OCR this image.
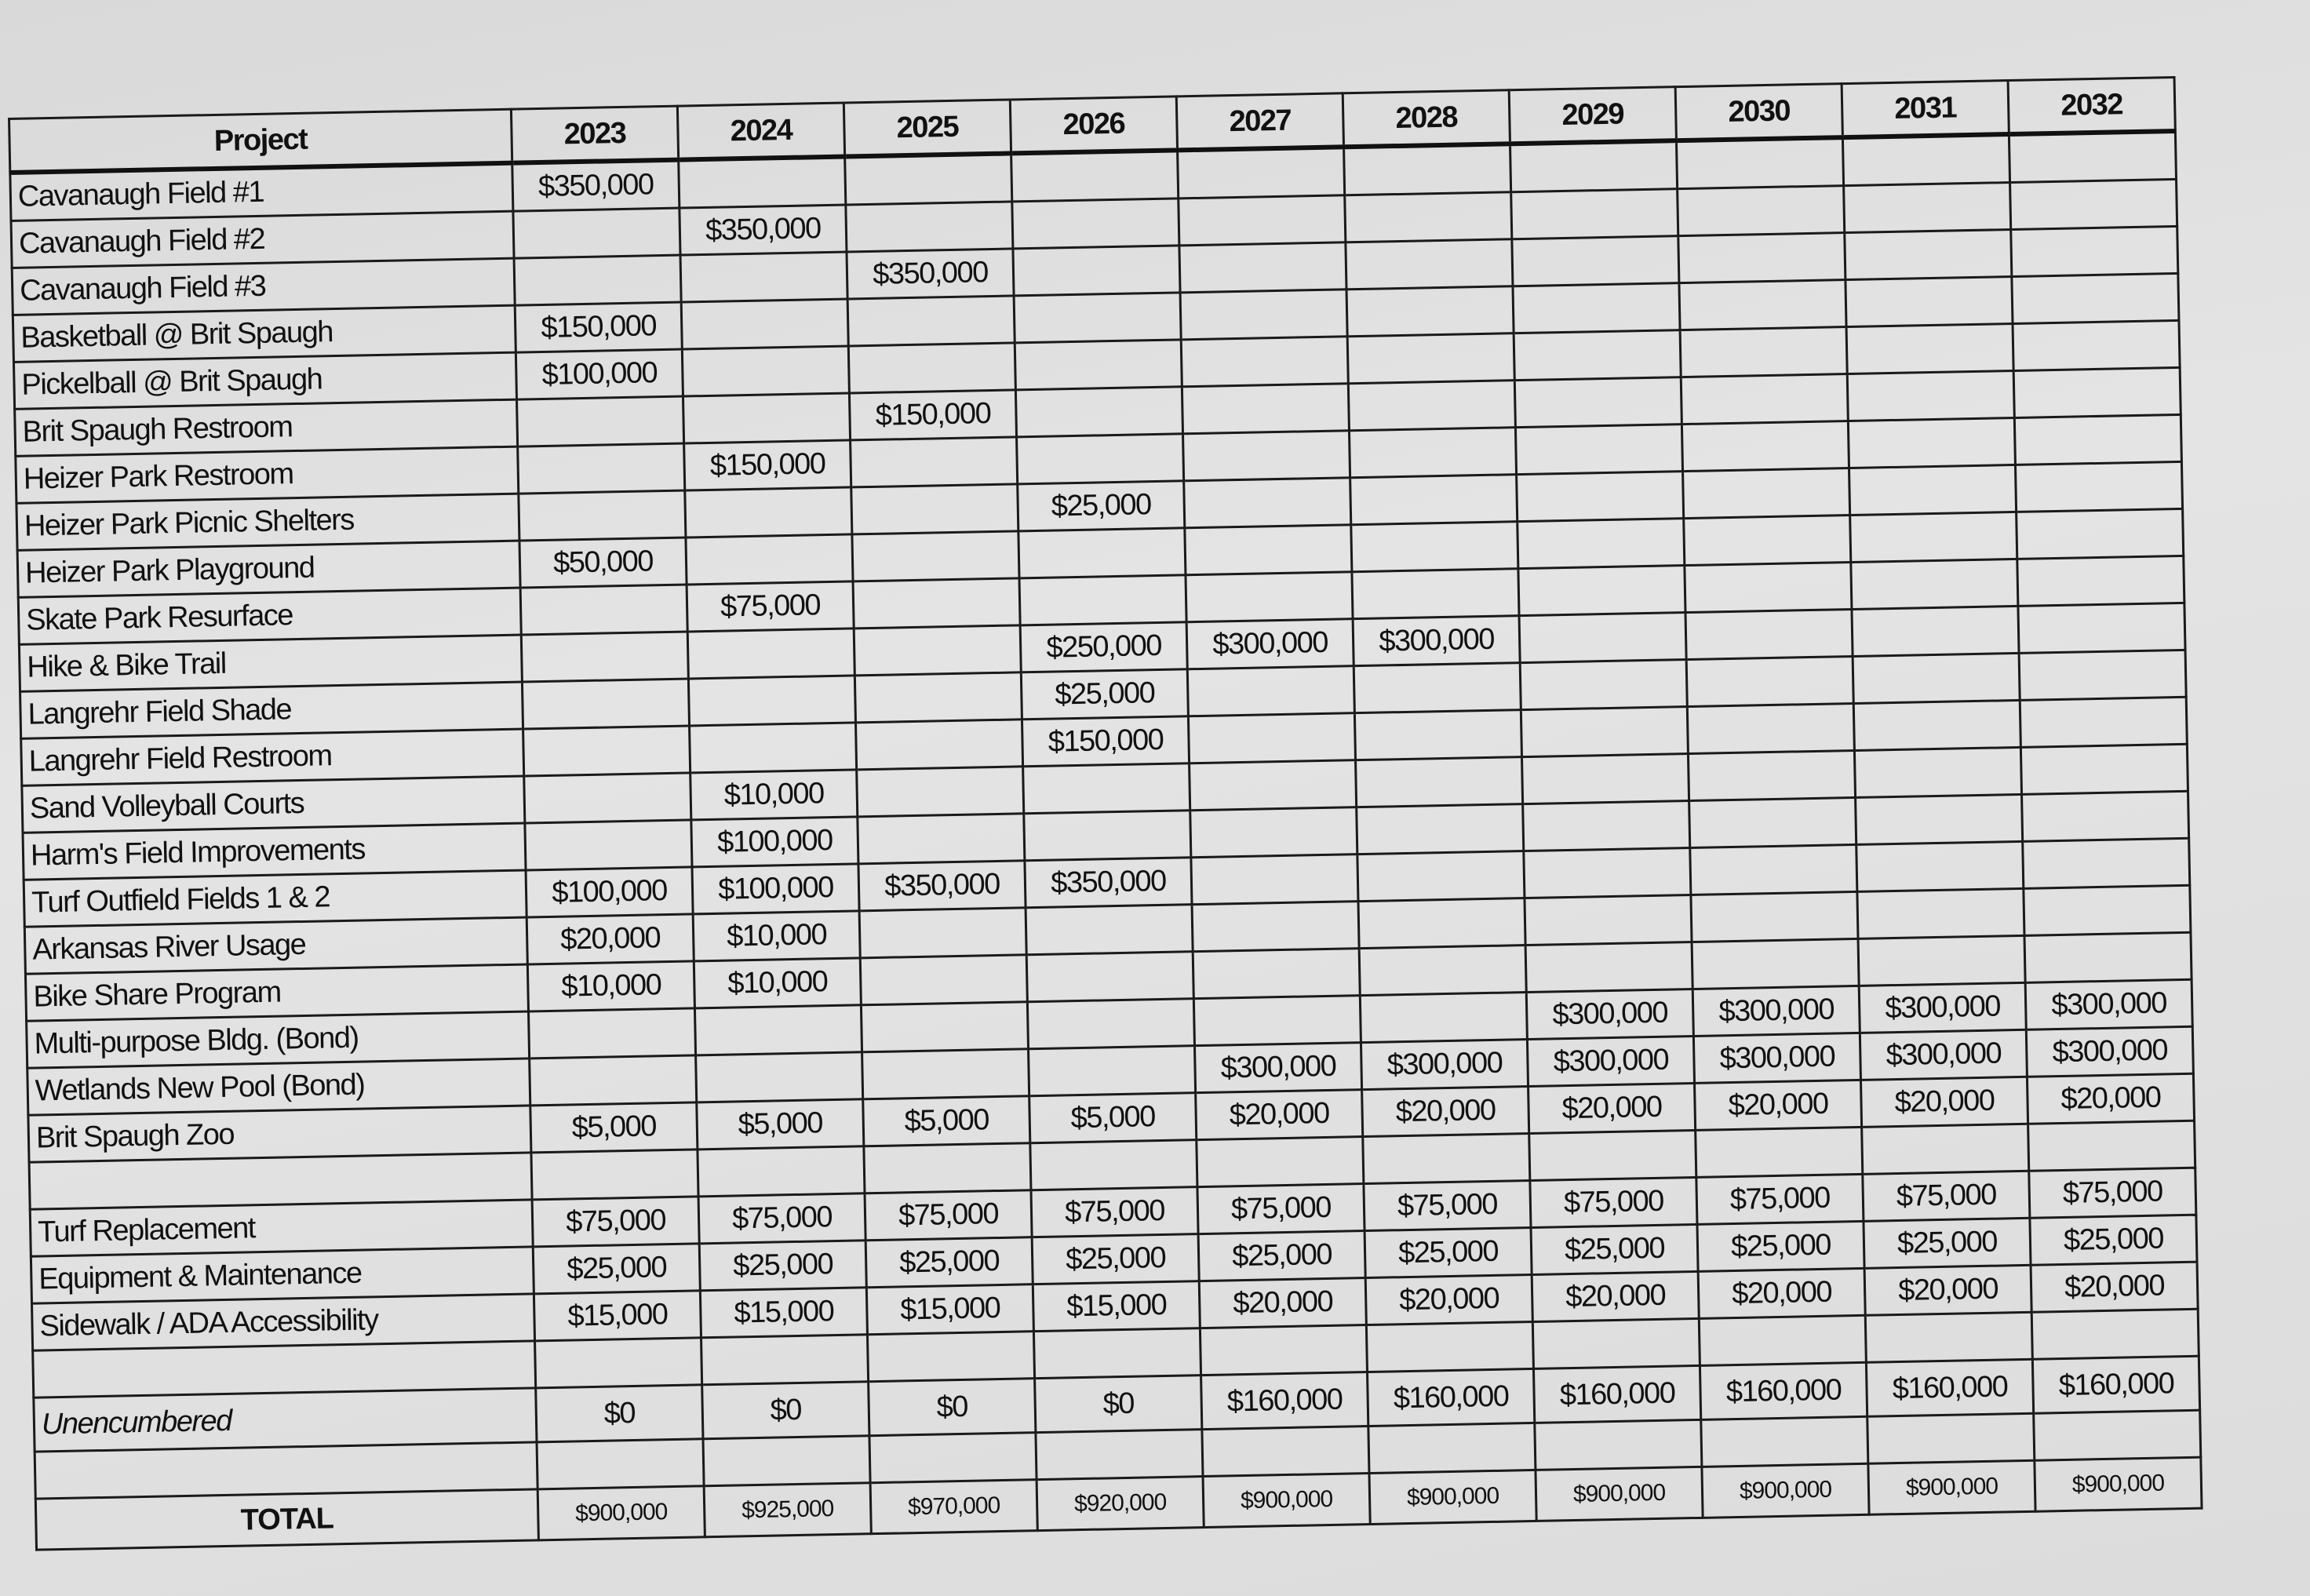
Project	2023	2024	2025	2026	2027	2028	2029	2030	2031	2032
Cavanaugh Field #1	$350,000									
Cavanaugh Field #2		$350,000								
Cavanaugh Field #3			$350,000							
Basketball @ Brit Spaugh	$150,000									
Pickelball @ Brit Spaugh	$100,000									
Brit Spaugh Restroom			$150,000							
Heizer Park Restroom		$150,000								
Heizer Park Picnic Shelters				$25,000						
Heizer Park Playground	$50,000									
Skate Park Resurface		$75,000								
Hike & Bike Trail				$250,000	$300,000	$300,000				
Langrehr Field Shade				$25,000						
Langrehr Field Restroom				$150,000						
Sand Volleyball Courts		$10,000								
Harm's Field Improvements		$100,000								
Turf Outfield Fields 1 & 2	$100,000	$100,000	$350,000	$350,000						
Arkansas River Usage	$20,000	$10,000								
Bike Share Program	$10,000	$10,000								
Multi-purpose Bldg. (Bond)							$300,000	$300,000	$300,000	$300,000
Wetlands New Pool (Bond)					$300,000	$300,000	$300,000	$300,000	$300,000	$300,000
Brit Spaugh Zoo	$5,000	$5,000	$5,000	$5,000	$20,000	$20,000	$20,000	$20,000	$20,000	$20,000

Turf Replacement	$75,000	$75,000	$75,000	$75,000	$75,000	$75,000	$75,000	$75,000	$75,000	$75,000
Equipment & Maintenance	$25,000	$25,000	$25,000	$25,000	$25,000	$25,000	$25,000	$25,000	$25,000	$25,000
Sidewalk / ADA Accessibility	$15,000	$15,000	$15,000	$15,000	$20,000	$20,000	$20,000	$20,000	$20,000	$20,000

Unencumbered	$0	$0	$0	$0	$160,000	$160,000	$160,000	$160,000	$160,000	$160,000

TOTAL	$900,000	$925,000	$970,000	$920,000	$900,000	$900,000	$900,000	$900,000	$900,000	$900,000
